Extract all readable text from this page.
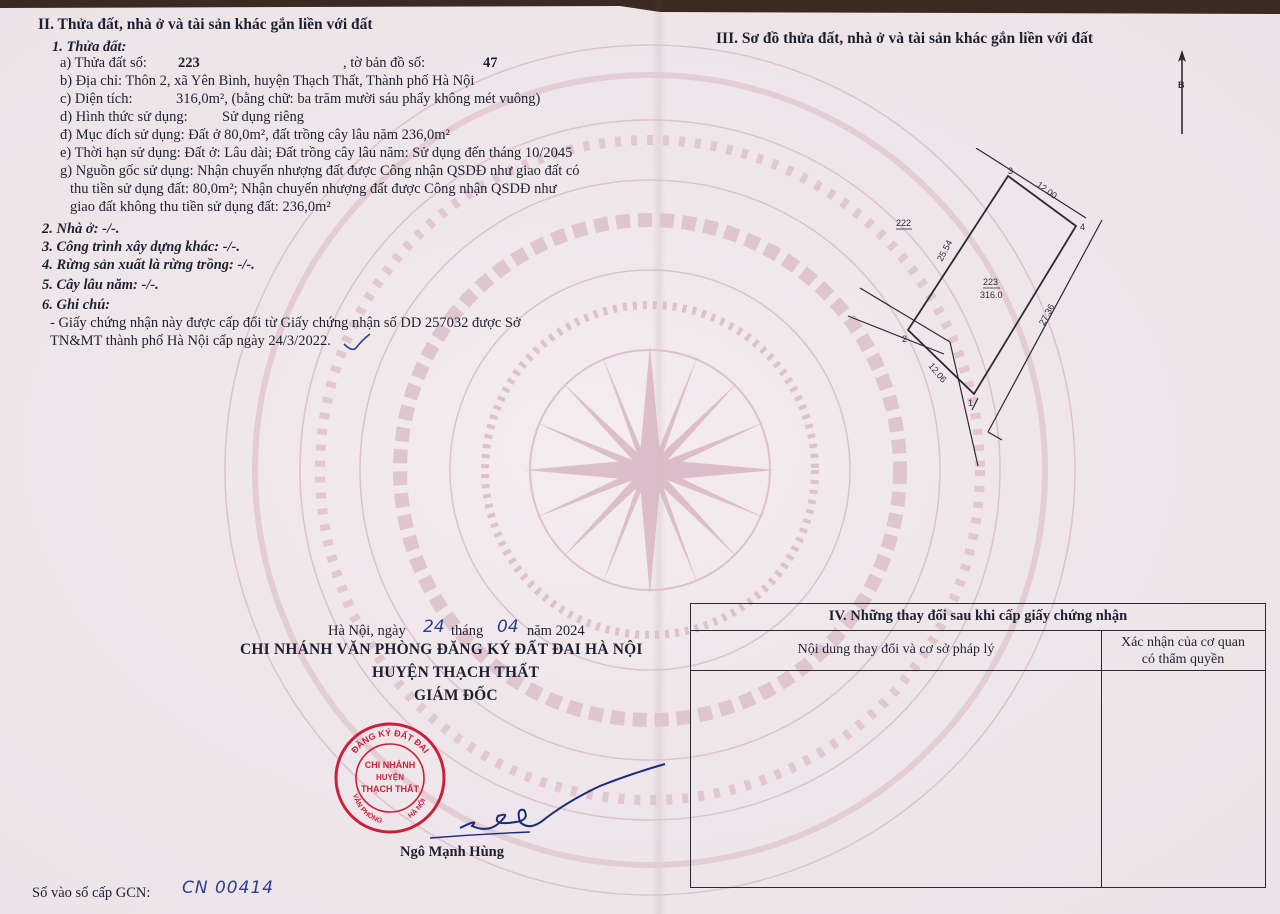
II. Thửa đất, nhà ở và tài sản khác gắn liền với đất
1. Thửa đất:
a) Thửa đất số: 223	, tờ bản đồ số:	47
b) Địa chỉ: Thôn 2, xã Yên Bình, huyện Thạch Thất, Thành phố Hà Nội
c) Diện tích:	316,0m², (bằng chữ: ba trăm mười sáu phẩy không mét vuông)
d) Hình thức sử dụng: Sử dụng riêng
đ) Mục đích sử dụng: Đất ở 80,0m², đất trồng cây lâu năm 236,0m²
e) Thời hạn sử dụng: Đất ở: Lâu dài; Đất trồng cây lâu năm: Sử dụng đến tháng 10/2045
g) Nguồn gốc sử dụng: Nhận chuyển nhượng đất được Công nhận QSDĐ như giao đất có
thu tiền sử dụng đất: 80,0m²; Nhận chuyển nhượng đất được Công nhận QSDĐ như
giao đất không thu tiền sử dụng đất: 236,0m²
2. Nhà ở: -/-.
3. Công trình xây dựng khác: -/-.
4. Rừng sản xuất là rừng trồng: -/-.
5. Cây lâu năm: -/-.
6. Ghi chú:
- Giấy chứng nhận này được cấp đổi từ Giấy chứng nhận số DD 257032 được Sở
TN&MT thành phố Hà Nội cấp ngày 24/3/2022.
Hà Nội, ngày 24 tháng 04 năm 2024
CHI NHÁNH VĂN PHÒNG ĐĂNG KÝ ĐẤT ĐAI HÀ NỘI
HUYỆN THẠCH THẤT
GIÁM ĐỐC
ĐĂNG KÝ ĐẤT ĐAI
VĂN PHÒNG
HÀ NỘI
CHI NHÁNH
HUYỆN
THẠCH THẤT
Ngô Mạnh Hùng
Số vào sổ cấp GCN: CN 00414
III. Sơ đồ thửa đất, nhà ở và tài sản khác gắn liền với đất
B
222
223
316.0
12.00
25.54
27.36
12.06
3
4
2
1
IV. Những thay đổi sau khi cấp giấy chứng nhận
Nội dung thay đổi và cơ sở pháp lý	Xác nhận của cơ quan
có thẩm quyền
